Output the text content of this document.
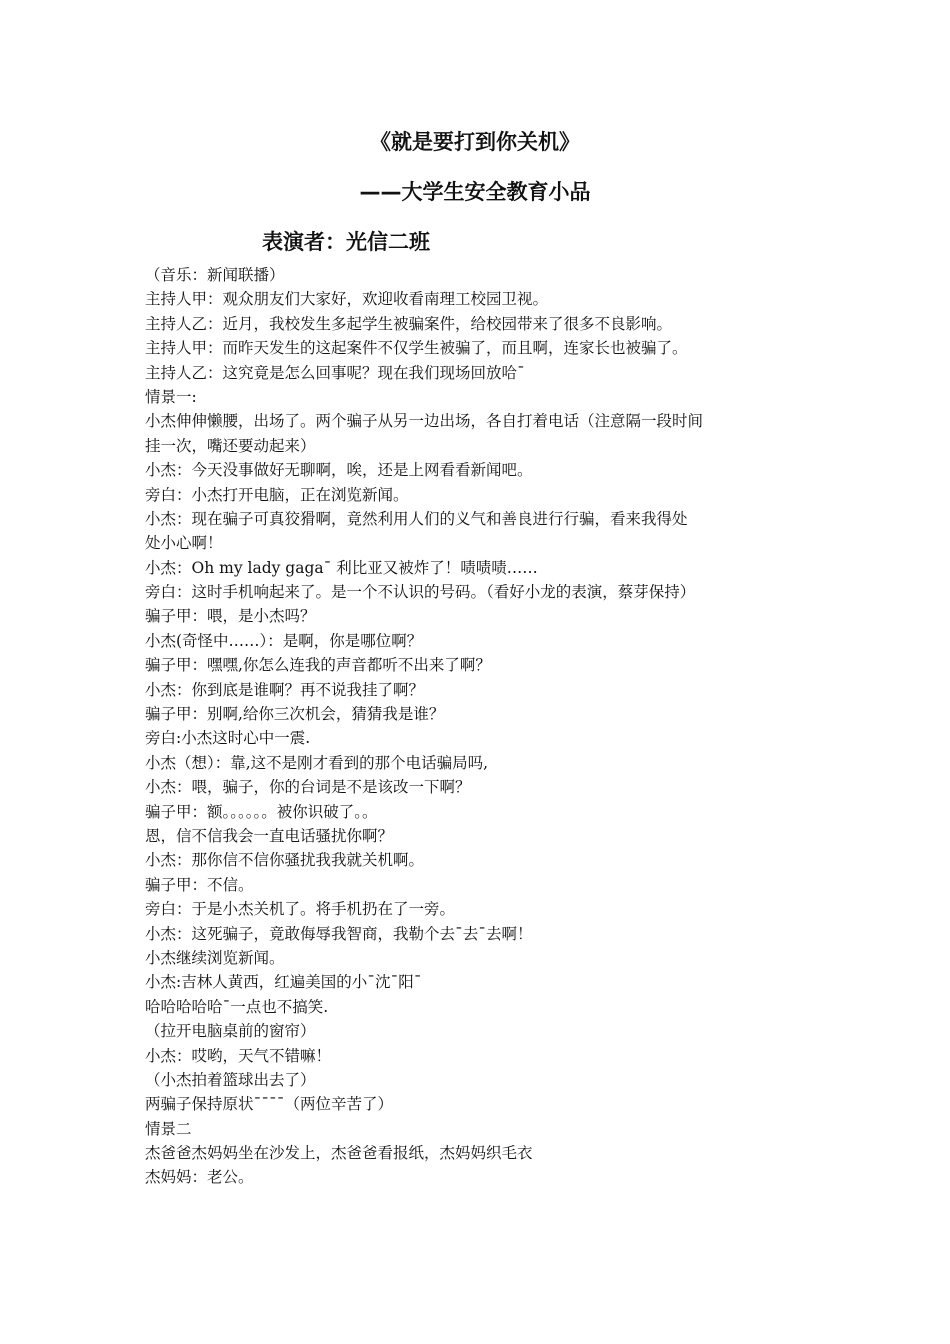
《就是要打到你关机》
——大学生安全教育小品
表演者：光信二班
（音乐：新闻联播）
主持人甲：观众朋友们大家好，欢迎收看南理工校园卫视。
主持人乙：近月，我校发生多起学生被骗案件，给校园带来了很多不良影响。
主持人甲：而昨天发生的这起案件不仅学生被骗了，而且啊，连家长也被骗了。
主持人乙：这究竟是怎么回事呢？现在我们现场回放哈¯
情景一:
小杰伸伸懒腰，出场了。两个骗子从另一边出场，各自打着电话（注意隔一段时间
挂一次，嘴还要动起来）
小杰：今天没事做好无聊啊，唉，还是上网看看新闻吧。
旁白：小杰打开电脑，正在浏览新闻。
小杰：现在骗子可真狡猾啊，竟然利用人们的义气和善良进行行骗，看来我得处
处小心啊！
小杰：Oh my lady gaga¯ 利比亚又被炸了！啧啧啧……
旁白：这时手机响起来了。是一个不认识的号码。（看好小龙的表演，蔡芽保持）
骗子甲：喂，是小杰吗？
小杰(奇怪中……）：是啊，你是哪位啊？
骗子甲：嘿嘿,你怎么连我的声音都听不出来了啊？
小杰：你到底是谁啊？再不说我挂了啊？
骗子甲：别啊,给你三次机会，猜猜我是谁？
旁白:小杰这时心中一震.
小杰（想）：靠,这不是刚才看到的那个电话骗局吗,
小杰：喂，骗子，你的台词是不是该改一下啊？
骗子甲：额。。。。。。被你识破了。。
恩，信不信我会一直电话骚扰你啊？
小杰：那你信不信你骚扰我我就关机啊。
骗子甲：不信。
旁白：于是小杰关机了。将手机扔在了一旁。
小杰：这死骗子，竟敢侮辱我智商，我勒个去¯去¯去啊！
小杰继续浏览新闻。
小杰:吉林人黄西，红遍美国的小¯沈¯阳¯
哈哈哈哈哈¯一点也不搞笑.
（拉开电脑桌前的窗帘）
小杰：哎哟，天气不错嘛！
（小杰拍着篮球出去了）
两骗子保持原状¯¯¯¯（两位辛苦了）
情景二
杰爸爸杰妈妈坐在沙发上，杰爸爸看报纸，杰妈妈织毛衣
杰妈妈：老公。
